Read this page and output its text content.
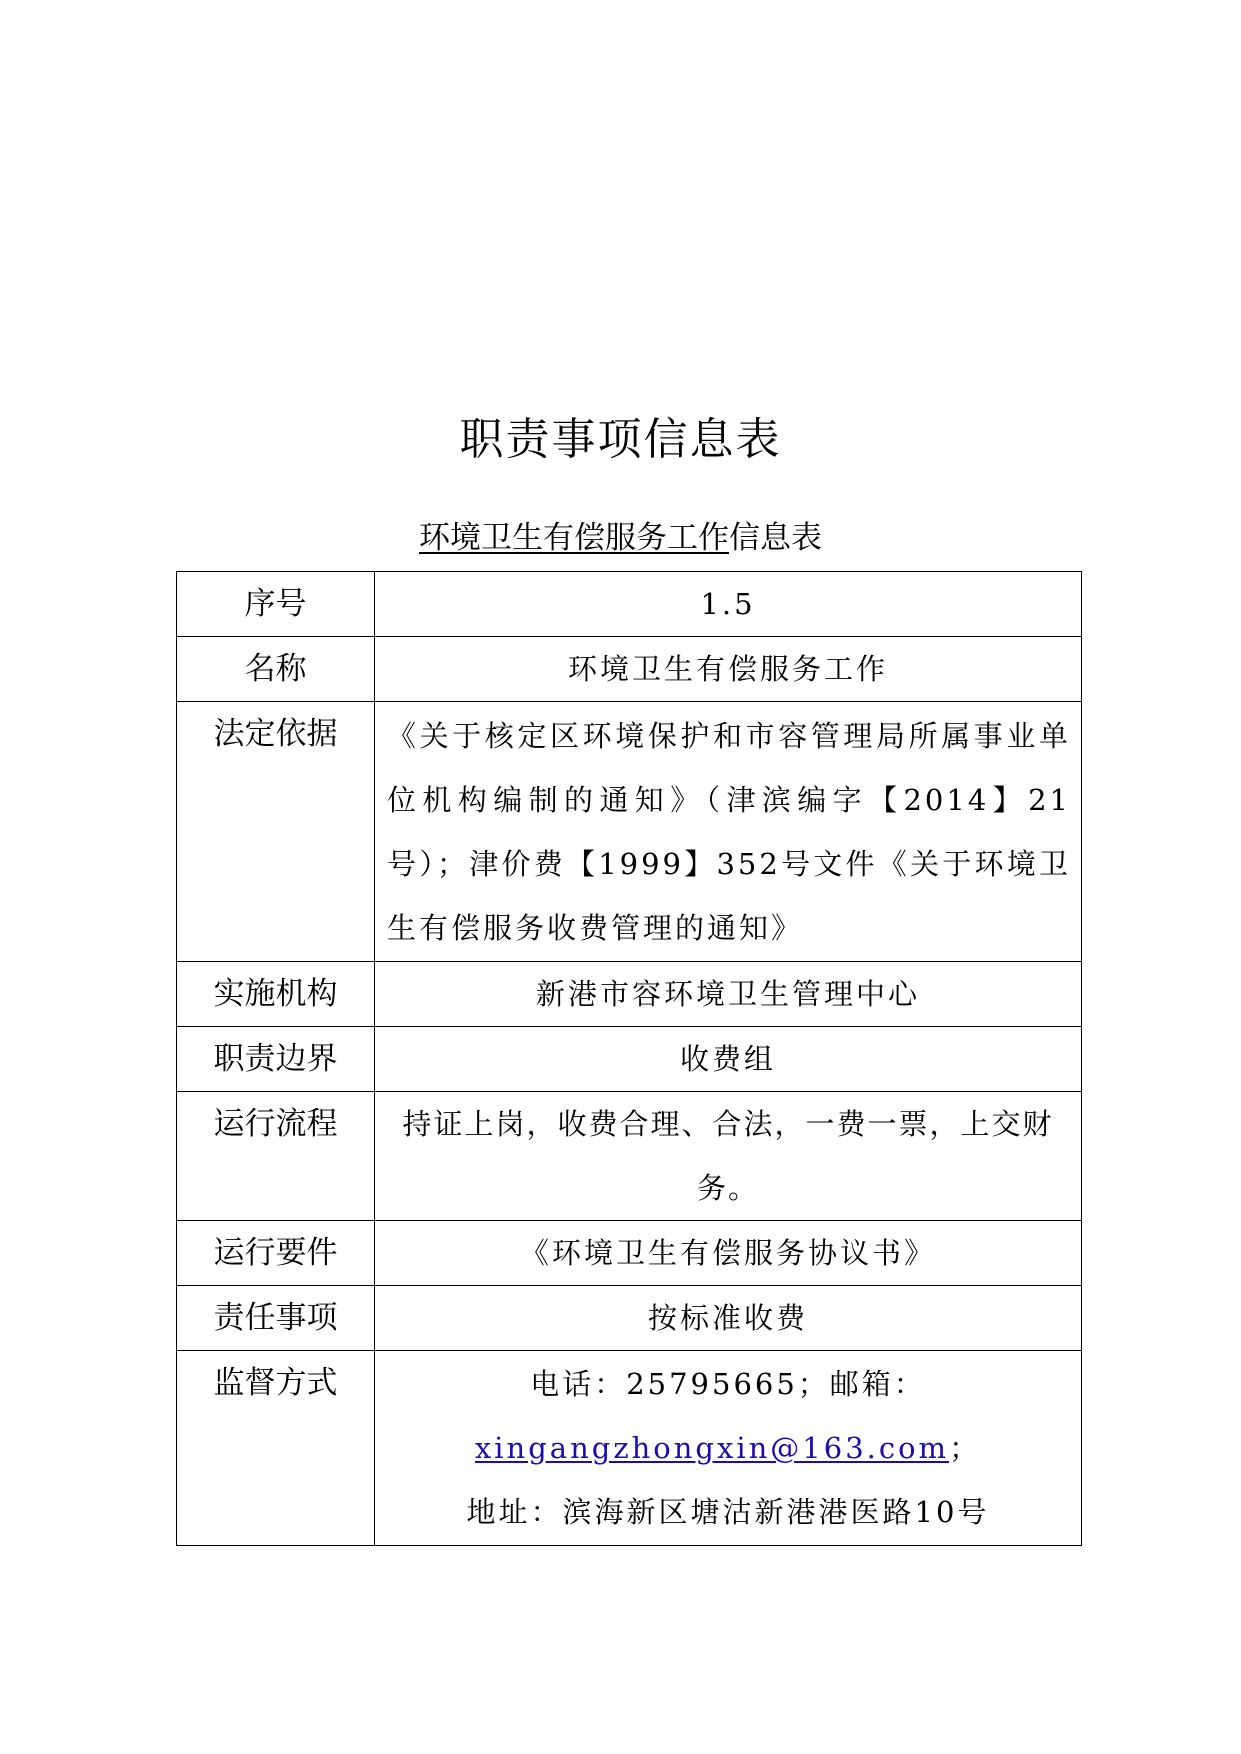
职责事项信息表
环境卫生有偿服务工作信息表
序号	1.5
名称	环境卫生有偿服务工作
法定依据	《关于核定区环境保护和市容管理局所属事业单位机构编制的通知》（津滨编字【2014】21号）；津价费【1999】352号文件《关于环境卫生有偿服务收费管理的通知》
实施机构	新港市容环境卫生管理中心
职责边界	收费组
运行流程	持证上岗，收费合理、合法，一费一票，上交财务。
运行要件	《环境卫生有偿服务协议书》
责任事项	按标准收费
监督方式	电话：25795665；邮箱：
xingangzhongxin@163.com；
地址：滨海新区塘沽新港港医路10号
